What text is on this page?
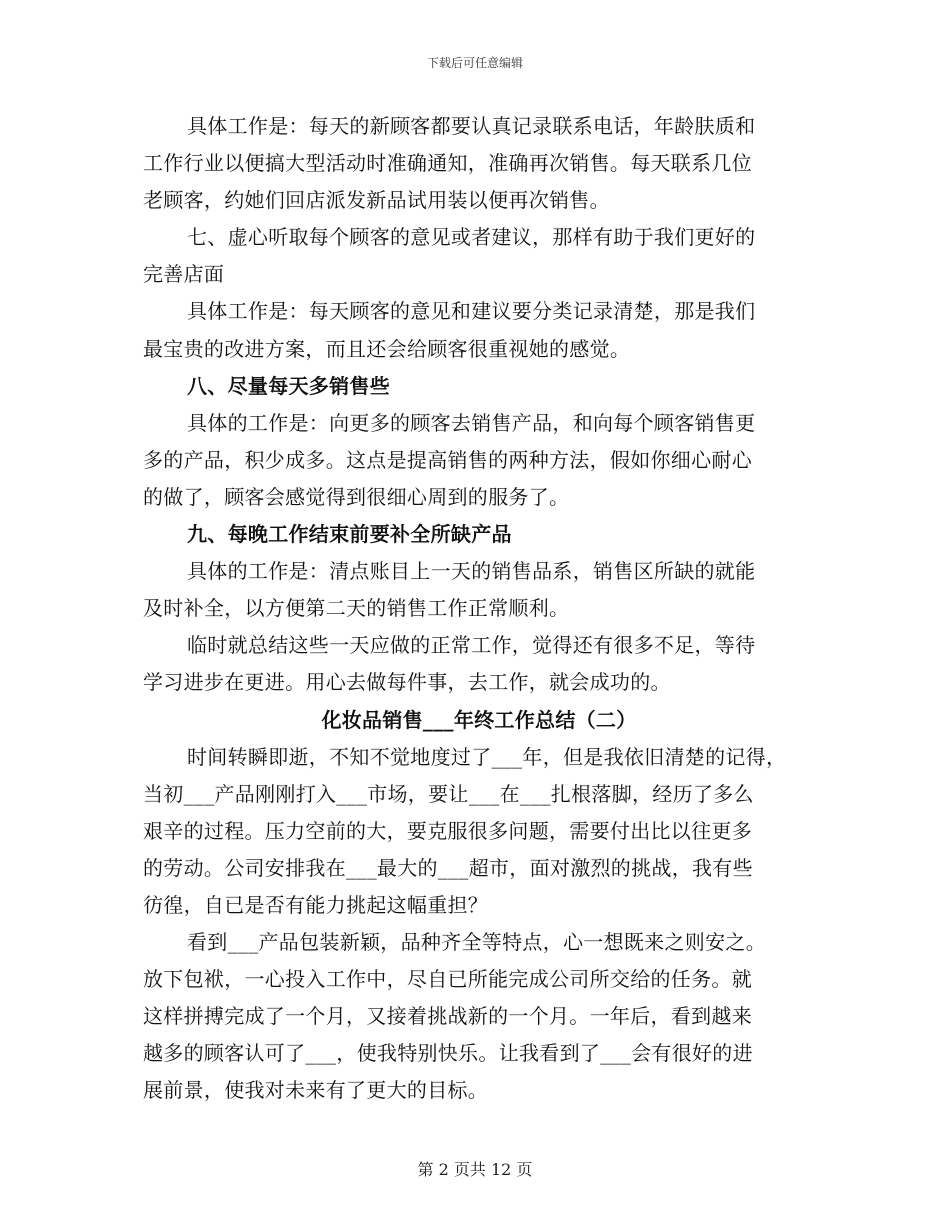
下载后可任意编辑
具体工作是：每天的新顾客都要认真记录联系电话，年龄肤质和
工作行业以便搞大型活动时准确通知，准确再次销售。每天联系几位
老顾客，约她们回店派发新品试用装以便再次销售。
七、虚心听取每个顾客的意见或者建议，那样有助于我们更好的
完善店面
具体工作是：每天顾客的意见和建议要分类记录清楚，那是我们
最宝贵的改进方案，而且还会给顾客很重视她的感觉。
八、尽量每天多销售些
具体的工作是：向更多的顾客去销售产品，和向每个顾客销售更
多的产品，积少成多。这点是提高销售的两种方法，假如你细心耐心
的做了，顾客会感觉得到很细心周到的服务了。
九、每晚工作结束前要补全所缺产品
具体的工作是：清点账目上一天的销售品系，销售区所缺的就能
及时补全，以方便第二天的销售工作正常顺利。
临时就总结这些一天应做的正常工作，觉得还有很多不足，等待
学习进步在更进。用心去做每件事，去工作，就会成功的。
化妆品销售___年终工作总结（二）
时间转瞬即逝，不知不觉地度过了___年，但是我依旧清楚的记得，
当初___产品刚刚打入___市场，要让___在___扎根落脚，经历了多么
艰辛的过程。压力空前的大，要克服很多问题，需要付出比以往更多
的劳动。公司安排我在___最大的___超市，面对激烈的挑战，我有些
彷徨，自已是否有能力挑起这幅重担？
看到___产品包装新颖，品种齐全等特点，心一想既来之则安之。
放下包袱，一心投入工作中，尽自已所能完成公司所交给的任务。就
这样拼搏完成了一个月，又接着挑战新的一个月。一年后，看到越来
越多的顾客认可了___，使我特别快乐。让我看到了___会有很好的进
展前景，使我对未来有了更大的目标。
第 2 页共 12 页
